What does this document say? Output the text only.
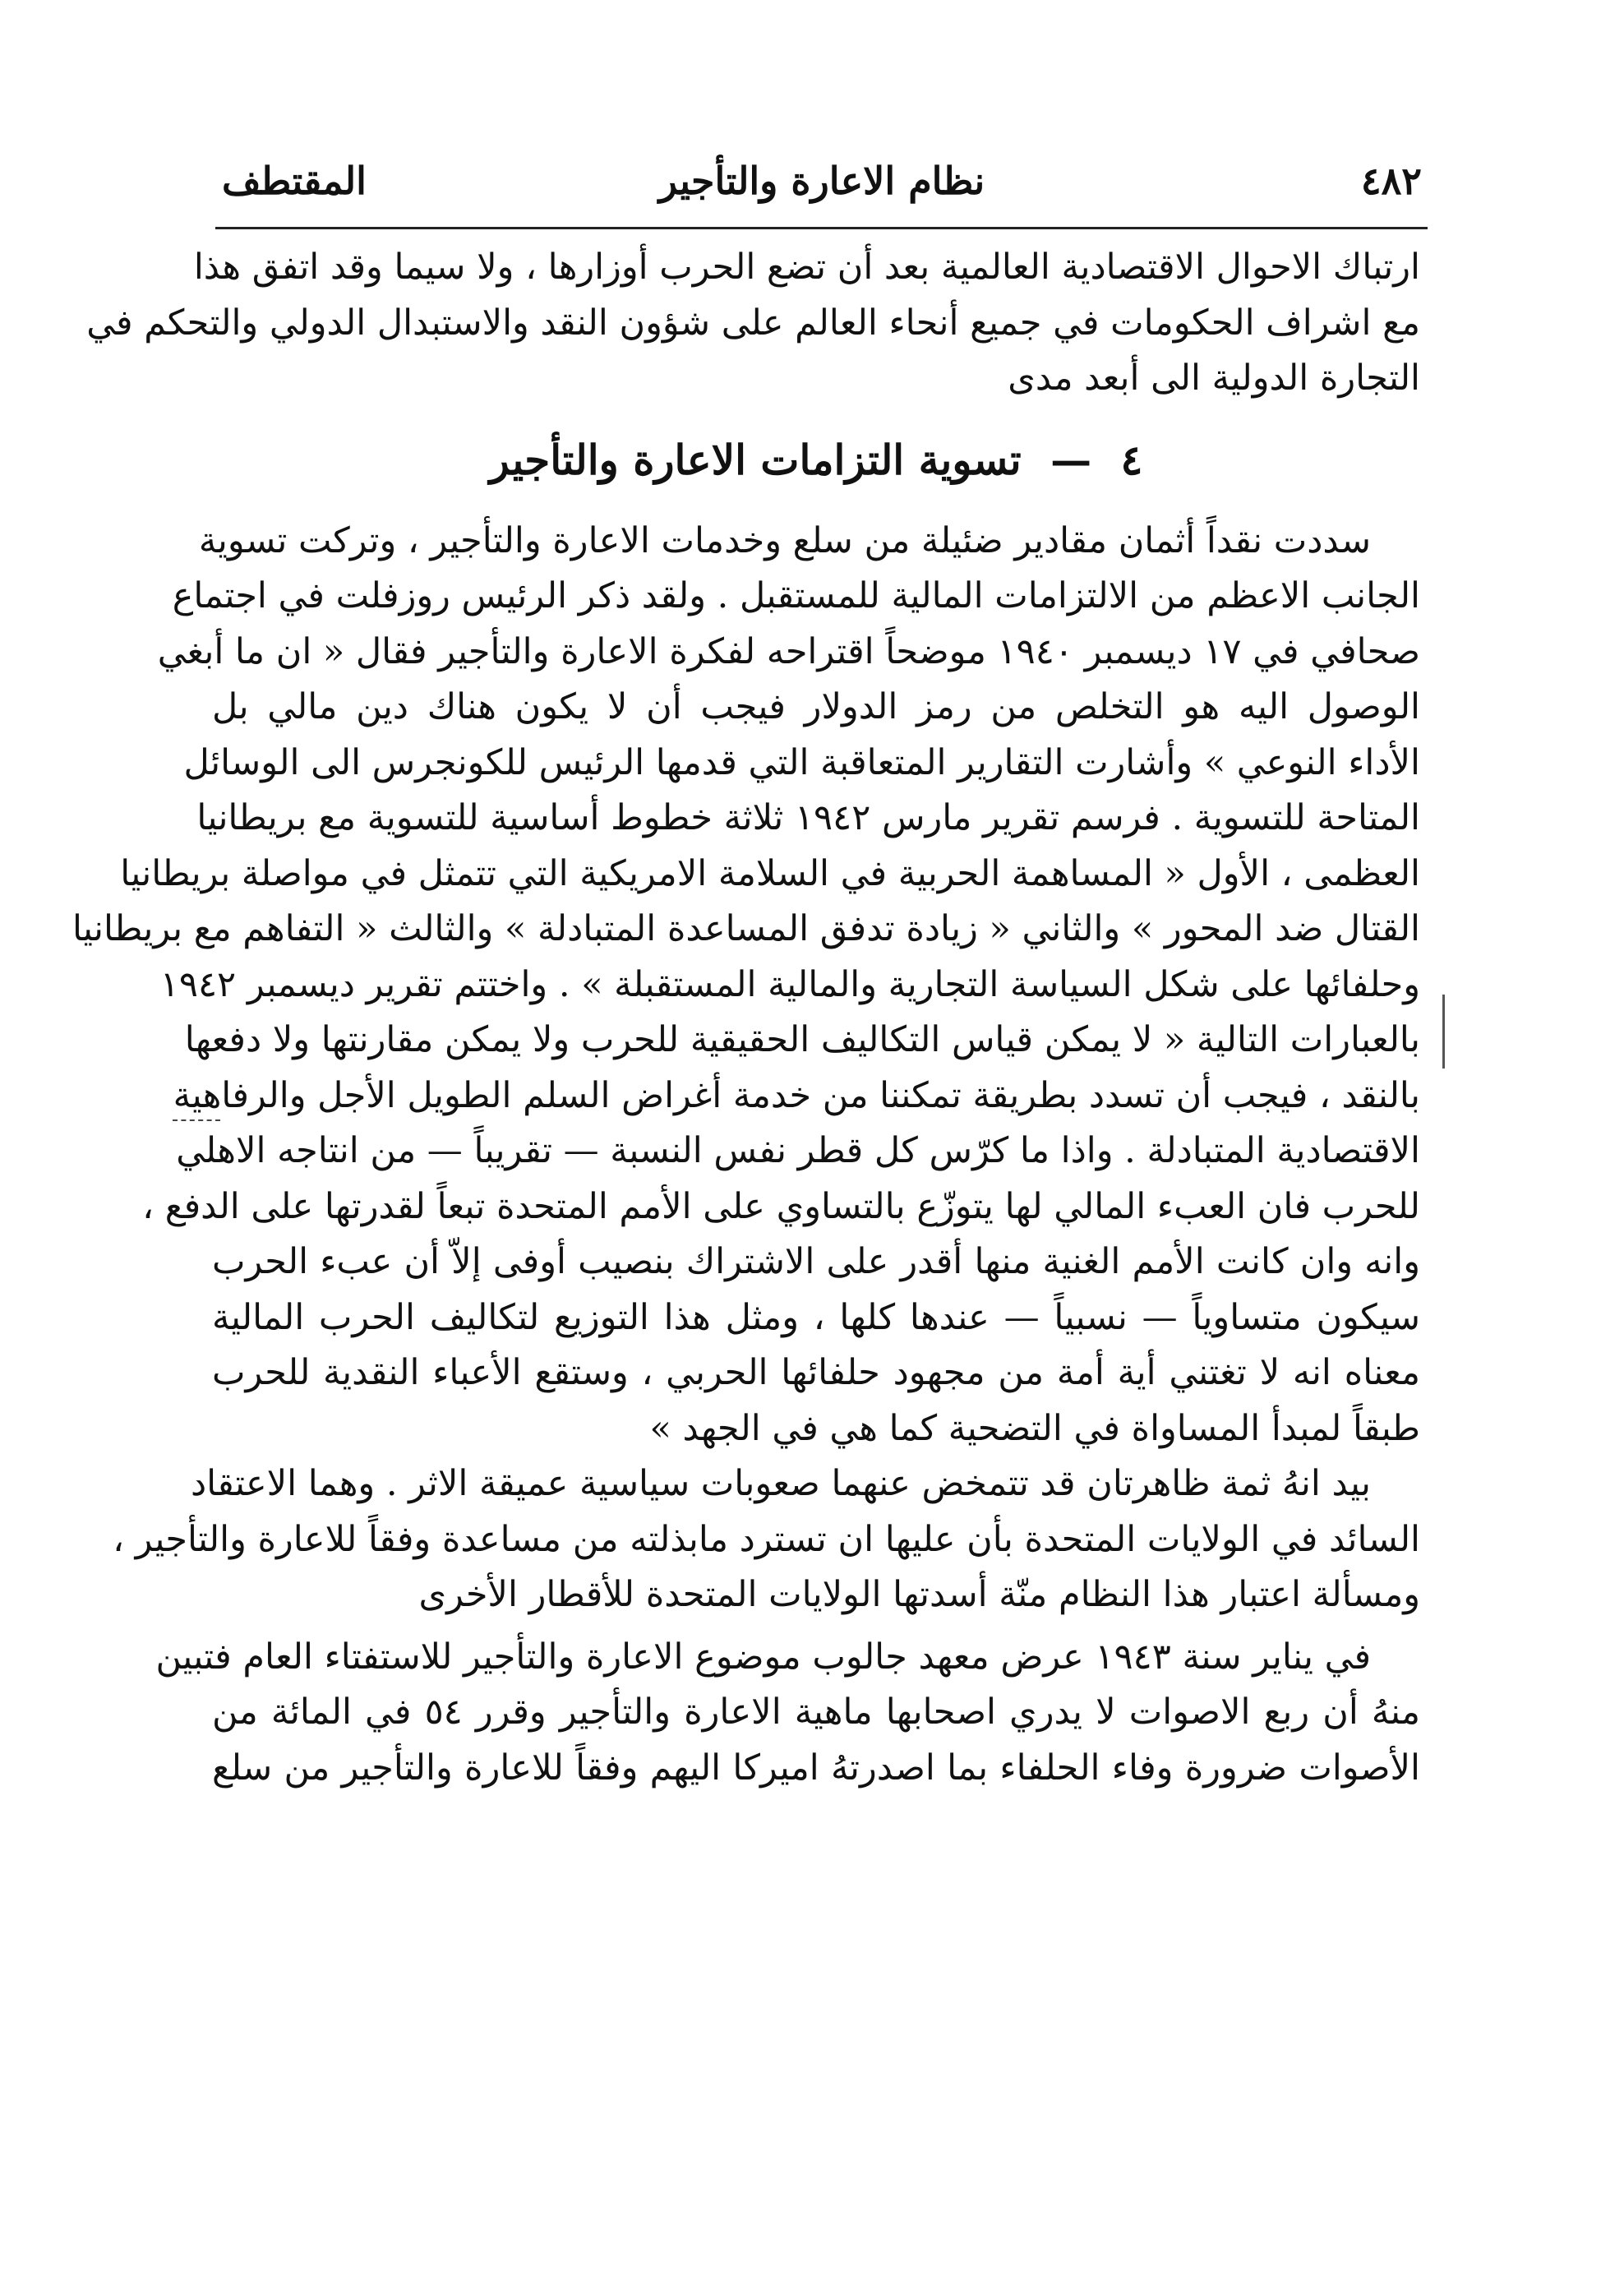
٤٨٢
نظام الاعارة والتأجير
المقتطف
ارتباك الاحوال الاقتصادية العالمية بعد أن تضع الحرب أوزارها ، ولا سيما وقد اتفق هذا
مع اشراف الحكومات في جميع أنحاء العالم على شؤون النقد والاستبدال الدولي والتحكم في
التجارة الدولية الى أبعد مدى
٤ — تسوية التزامات الاعارة والتأجير
سددت نقداً أثمان مقادير ضئيلة من سلع وخدمات الاعارة والتأجير ، وتركت تسوية
الجانب الاعظم من الالتزامات المالية للمستقبل . ولقد ذكر الرئيس روزفلت في اجتماع
صحافي في ١٧ ديسمبر ١٩٤٠ موضحاً اقتراحه لفكرة الاعارة والتأجير فقال « ان ما أبغي
الوصول اليه هو التخلص من رمز الدولار فيجب أن لا يكون هناك دين مالي بل
الأداء النوعي » وأشارت التقارير المتعاقبة التي قدمها الرئيس للكونجرس الى الوسائل
المتاحة للتسوية . فرسم تقرير مارس ١٩٤٢ ثلاثة خطوط أساسية للتسوية مع بريطانيا
العظمى ، الأول « المساهمة الحربية في السلامة الامريكية التي تتمثل في مواصلة بريطانيا
القتال ضد المحور » والثاني « زيادة تدفق المساعدة المتبادلة » والثالث « التفاهم مع بريطانيا
وحلفائها على شكل السياسة التجارية والمالية المستقبلة » . واختتم تقرير ديسمبر ١٩٤٢
بالعبارات التالية « لا يمكن قياس التكاليف الحقيقية للحرب ولا يمكن مقارنتها ولا دفعها
بالنقد ، فيجب أن تسدد بطريقة تمكننا من خدمة أغراض السلم الطويل الأجل والرفاهية
الاقتصادية المتبادلة . واذا ما كرّس كل قطر نفس النسبة — تقريباً — من انتاجه الاهلي
للحرب فان العبء المالي لها يتوزّع بالتساوي على الأمم المتحدة تبعاً لقدرتها على الدفع ،
وانه وان كانت الأمم الغنية منها أقدر على الاشتراك بنصيب أوفى إلاّ أن عبء الحرب
سيكون متساوياً — نسبياً — عندها كلها ، ومثل هذا التوزيع لتكاليف الحرب المالية
معناه انه لا تغتني أية أمة من مجهود حلفائها الحربي ، وستقع الأعباء النقدية للحرب
طبقاً لمبدأ المساواة في التضحية كما هي في الجهد »
بيد انهُ ثمة ظاهرتان قد تتمخض عنهما صعوبات سياسية عميقة الاثر . وهما الاعتقاد
السائد في الولايات المتحدة بأن عليها ان تسترد مابذلته من مساعدة وفقاً للاعارة والتأجير ،
ومسألة اعتبار هذا النظام منّة أسدتها الولايات المتحدة للأقطار الأخرى
في يناير سنة ١٩٤٣ عرض معهد جالوب موضوع الاعارة والتأجير للاستفتاء العام فتبين
منهُ أن ربع الاصوات لا يدري اصحابها ماهية الاعارة والتأجير وقرر ٥٤ في المائة من
الأصوات ضرورة وفاء الحلفاء بما اصدرتهُ اميركا اليهم وفقاً للاعارة والتأجير من سلع
